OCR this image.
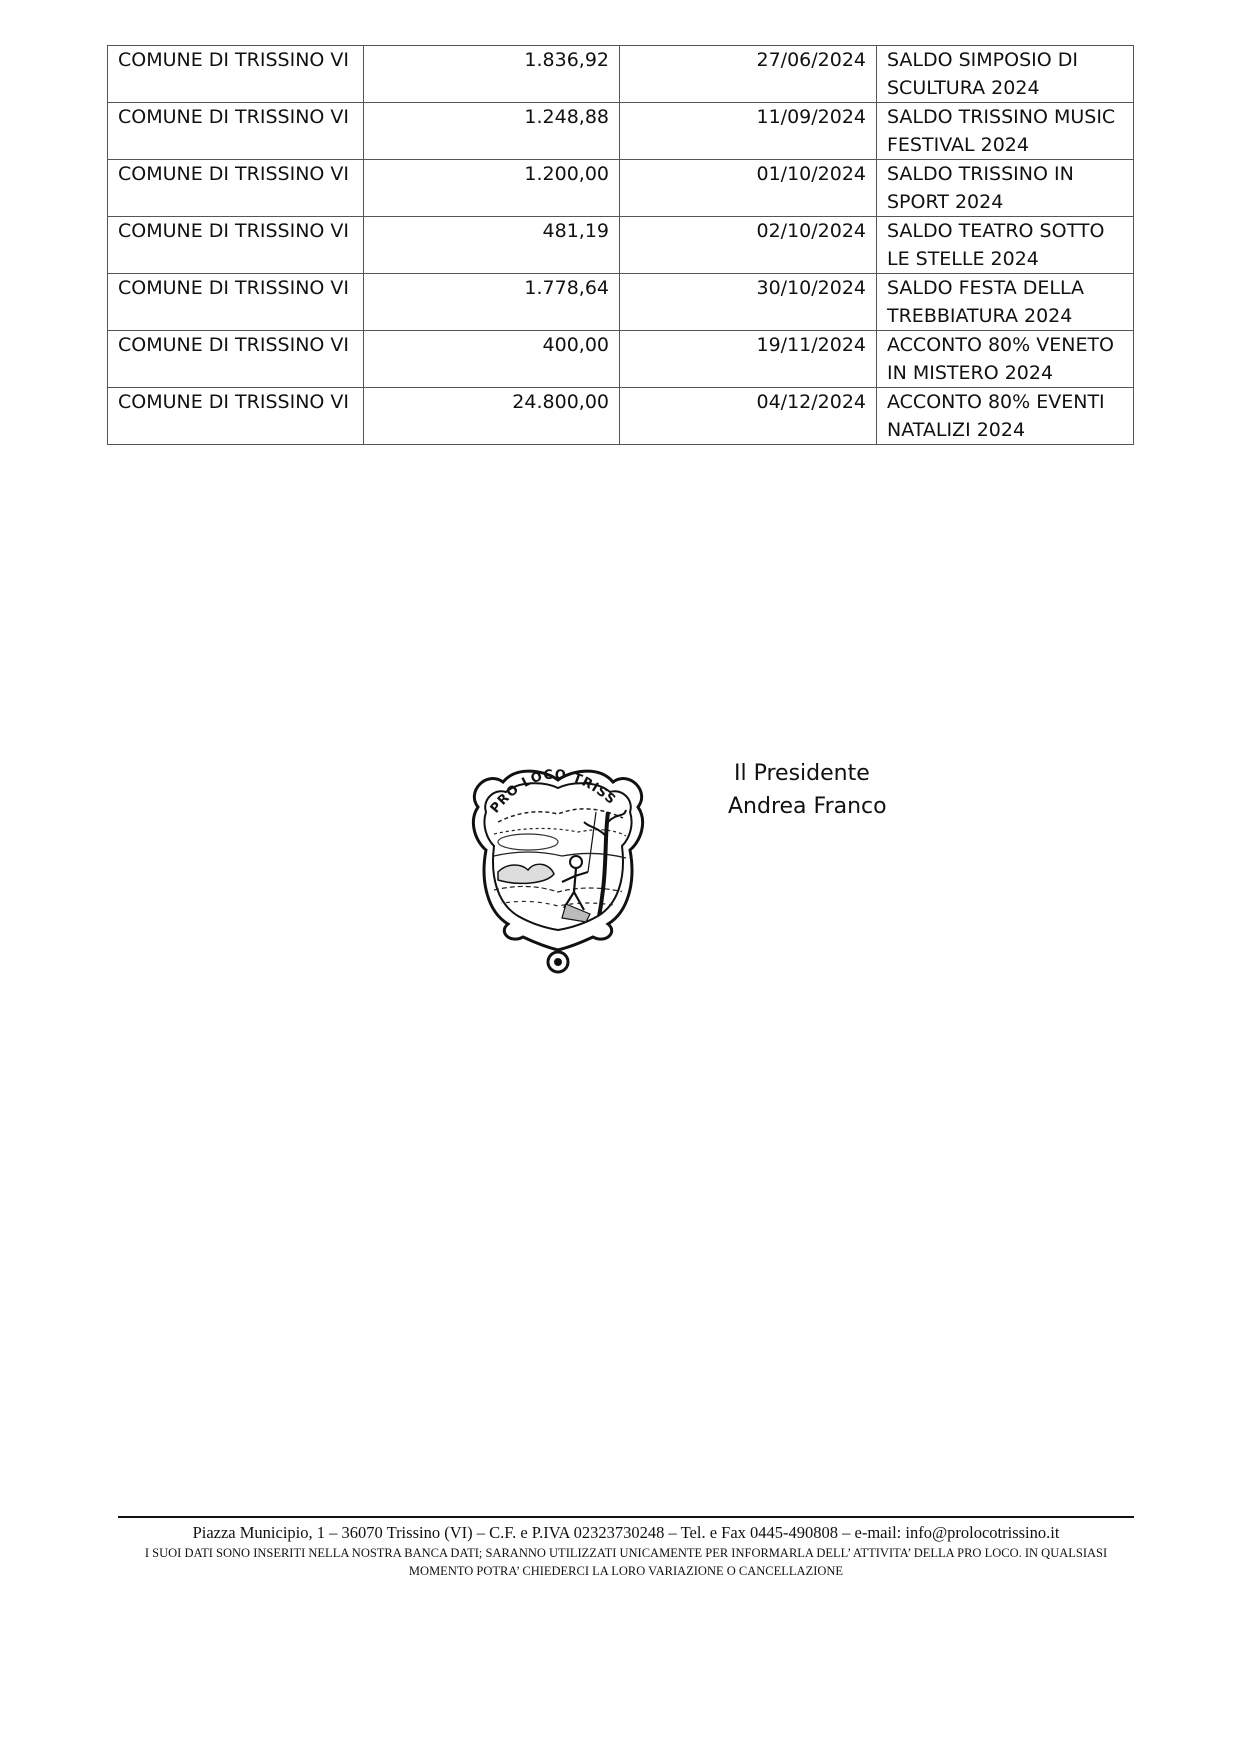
COMUNE DI TRISSINO VI	1.836,92	27/06/2024	SALDO SIMPOSIO DI SCULTURA 2024
COMUNE DI TRISSINO VI	1.248,88	11/09/2024	SALDO TRISSINO MUSIC FESTIVAL 2024
COMUNE DI TRISSINO VI	1.200,00	01/10/2024	SALDO TRISSINO IN SPORT 2024
COMUNE DI TRISSINO VI	481,19	02/10/2024	SALDO TEATRO SOTTO LE STELLE 2024
COMUNE DI TRISSINO VI	1.778,64	30/10/2024	SALDO FESTA DELLA TREBBIATURA 2024
COMUNE DI TRISSINO VI	400,00	19/11/2024	ACCONTO 80% VENETO IN MISTERO 2024
COMUNE DI TRISSINO VI	24.800,00	04/12/2024	ACCONTO 80% EVENTI NATALIZI 2024
PRO LOCO TRISS
Il Presidente
Andrea Franco
Piazza Municipio, 1 – 36070 Trissino (VI) – C.F. e P.IVA 02323730248 – Tel. e Fax 0445-490808 – e-mail: info@prolocotrissino.it
I SUOI DATI SONO INSERITI NELLA NOSTRA BANCA DATI; SARANNO UTILIZZATI UNICAMENTE PER INFORMARLA DELL’ ATTIVITA’ DELLA PRO LOCO. IN QUALSIASI MOMENTO POTRA’ CHIEDERCI LA LORO VARIAZIONE O CANCELLAZIONE
